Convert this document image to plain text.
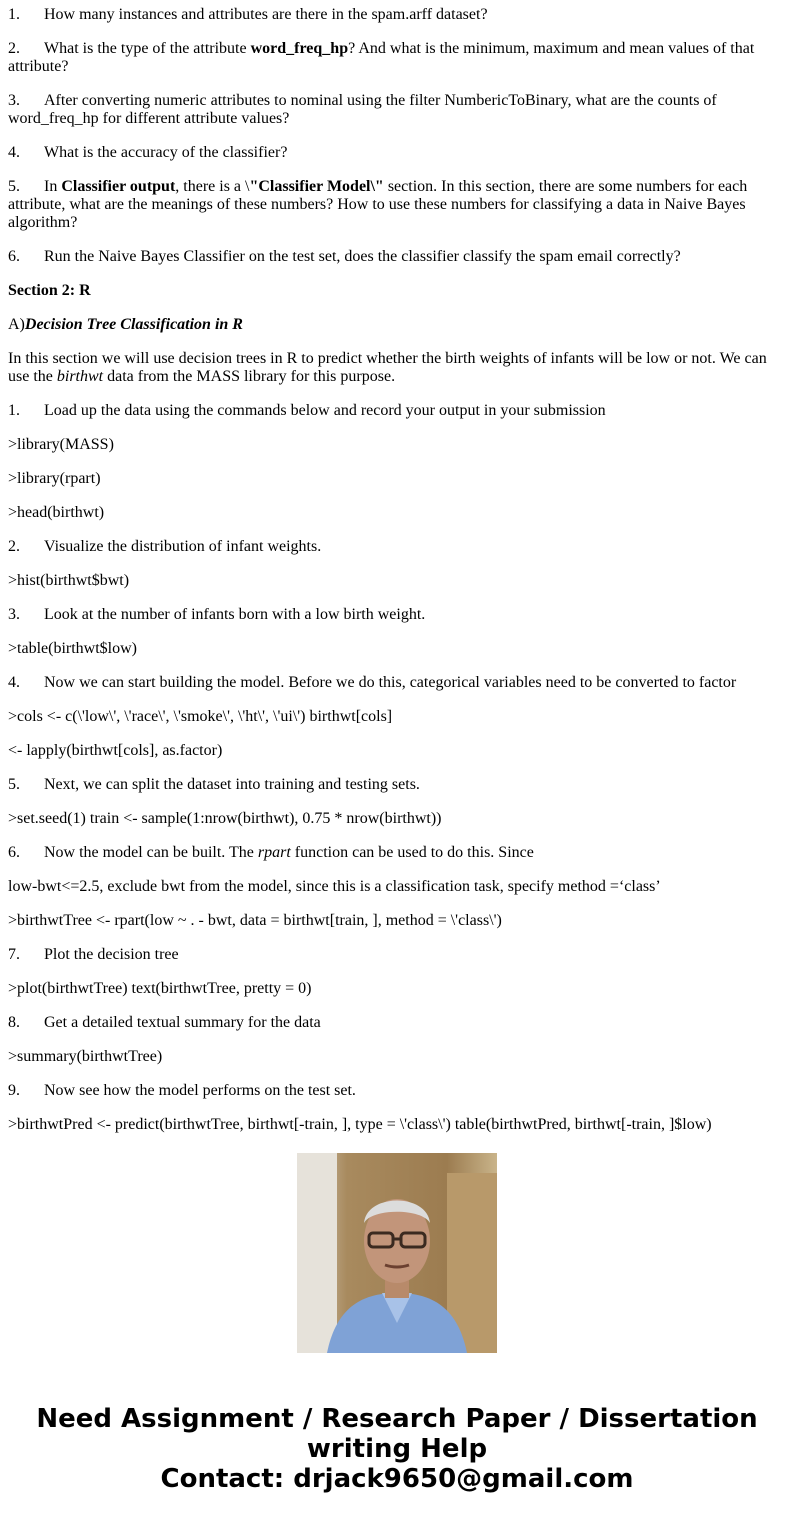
1. How many instances and attributes are there in the spam.arff dataset?
2. What is the type of the attribute word_freq_hp? And what is the minimum, maximum and mean values of that attribute?
3. After converting numeric attributes to nominal using the filter NumbericToBinary, what are the counts of word_freq_hp for different attribute values?
4. What is the accuracy of the classifier?
5. In Classifier output, there is a \"Classifier Model\" section. In this section, there are some numbers for each attribute, what are the meanings of these numbers? How to use these numbers for classifying a data in Naive Bayes algorithm?
6. Run the Naive Bayes Classifier on the test set, does the classifier classify the spam email correctly?
Section 2: R
A)Decision Tree Classification in R
In this section we will use decision trees in R to predict whether the birth weights of infants will be low or not. We can use the birthwt data from the MASS library for this purpose.
1. Load up the data using the commands below and record your output in your submission
>library(MASS)
>library(rpart)
>head(birthwt)
2. Visualize the distribution of infant weights.
>hist(birthwt$bwt)
3. Look at the number of infants born with a low birth weight.
>table(birthwt$low)
4. Now we can start building the model. Before we do this, categorical variables need to be converted to factor
>cols <- c(\'low\', \'race\', \'smoke\', \'ht\', \'ui\') birthwt[cols]
<- lapply(birthwt[cols], as.factor)
5. Next, we can split the dataset into training and testing sets.
>set.seed(1) train <- sample(1:nrow(birthwt), 0.75 * nrow(birthwt))
6. Now the model can be built. The rpart function can be used to do this. Since
low-bwt<=2.5, exclude bwt from the model, since this is a classification task, specify method =‘class’
>birthwtTree <- rpart(low ~ . - bwt, data = birthwt[train, ], method = \'class\')
7. Plot the decision tree
>plot(birthwtTree) text(birthwtTree, pretty = 0)
8. Get a detailed textual summary for the data
>summary(birthwtTree)
9. Now see how the model performs on the test set.
>birthwtPred <- predict(birthwtTree, birthwt[-train, ], type = \'class\') table(birthwtPred, birthwt[-train, ]$low)
Need Assignment / Research Paper / Dissertation
writing Help
Contact: drjack9650@gmail.com
